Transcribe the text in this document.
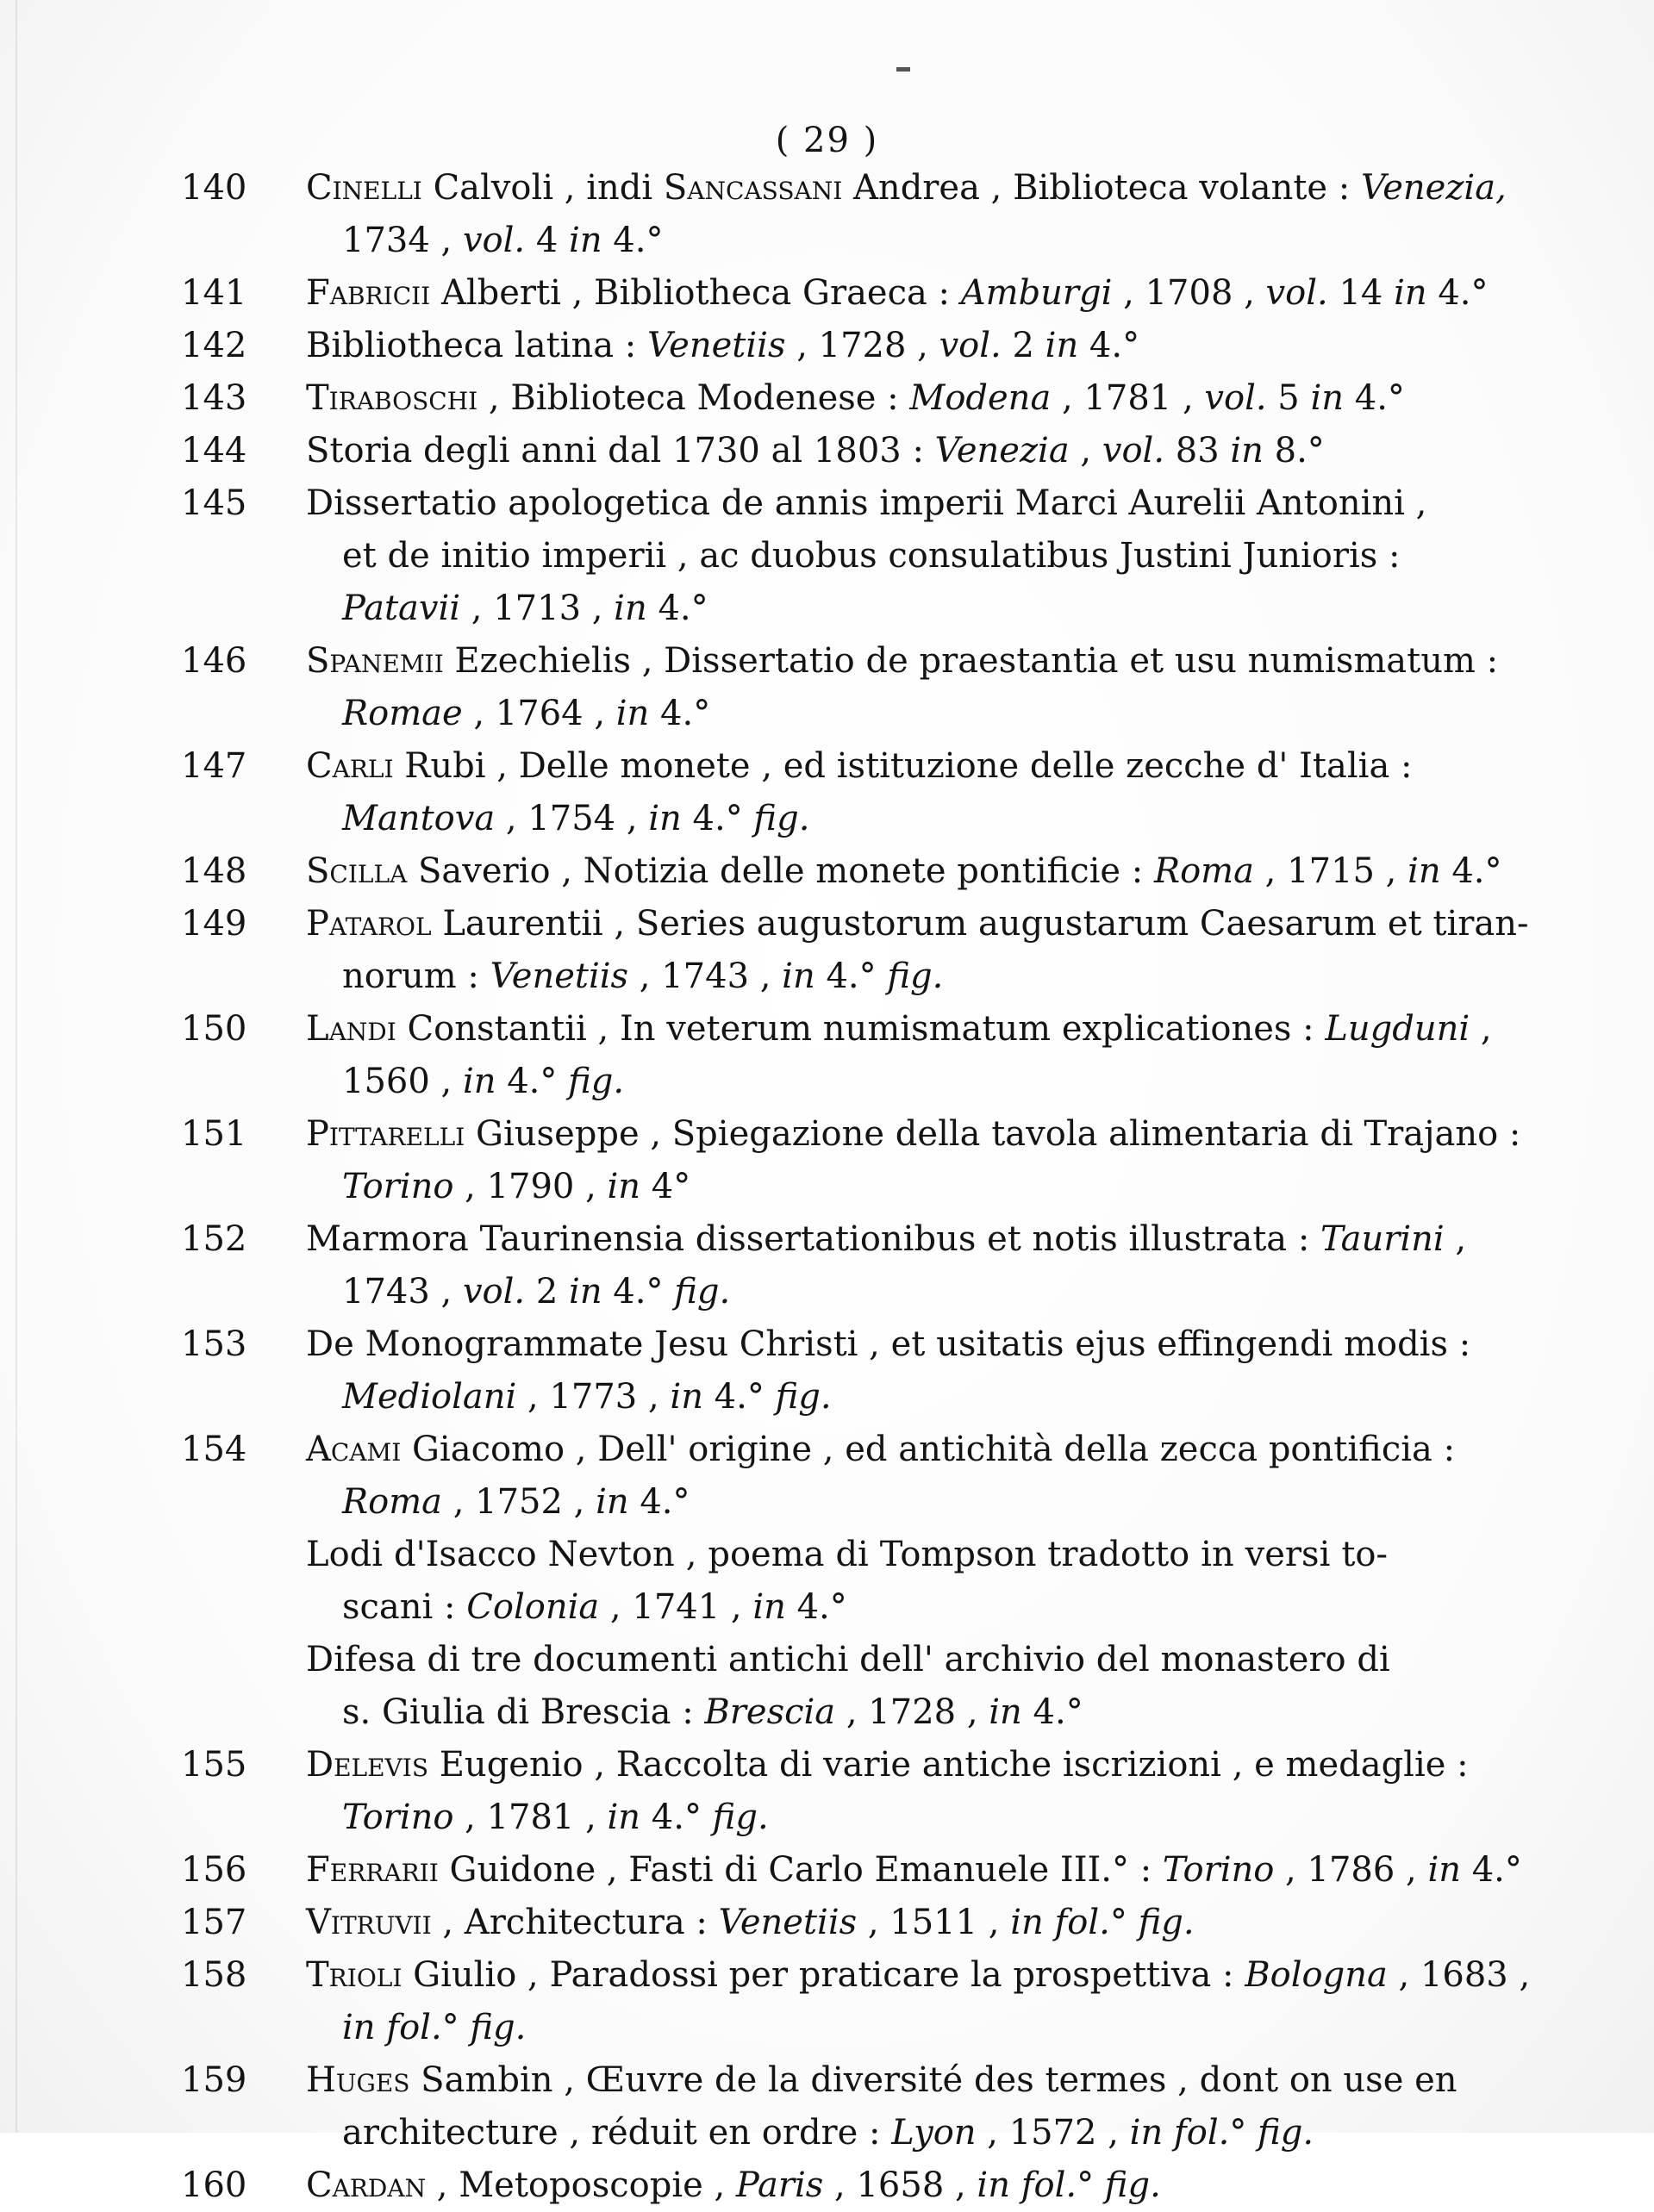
( 29 )
140	Cinelli Calvoli , indi Sancassani Andrea , Biblioteca volante : Venezia,
1734 , vol. 4 in 4.°
141	Fabricii Alberti , Bibliotheca Graeca : Amburgi , 1708 , vol. 14 in 4.°
142	Bibliotheca latina : Venetiis , 1728 , vol. 2 in 4.°
143	Tiraboschi , Biblioteca Modenese : Modena , 1781 , vol. 5 in 4.°
144	Storia degli anni dal 1730 al 1803 : Venezia , vol. 83 in 8.°
145	Dissertatio apologetica de annis imperii Marci Aurelii Antonini ,
et de initio imperii , ac duobus consulatibus Justini Junioris :
Patavii , 1713 , in 4.°
146	Spanemii Ezechielis , Dissertatio de praestantia et usu numismatum :
Romae , 1764 , in 4.°
147	Carli Rubi , Delle monete , ed istituzione delle zecche d' Italia :
Mantova , 1754 , in 4.° fig.
148	Scilla Saverio , Notizia delle monete pontificie : Roma , 1715 , in 4.°
149	Patarol Laurentii , Series augustorum augustarum Caesarum et tiran-
norum : Venetiis , 1743 , in 4.° fig.
150	Landi Constantii , In veterum numismatum explicationes : Lugduni ,
1560 , in 4.° fig.
151	Pittarelli Giuseppe , Spiegazione della tavola alimentaria di Trajano :
Torino , 1790 , in 4°
152	Marmora Taurinensia dissertationibus et notis illustrata : Taurini ,
1743 , vol. 2 in 4.° fig.
153	De Monogrammate Jesu Christi , et usitatis ejus effingendi modis :
Mediolani , 1773 , in 4.° fig.
154	Acami Giacomo , Dell' origine , ed antichità della zecca pontificia :
Roma , 1752 , in 4.°
Lodi d'Isacco Nevton , poema di Tompson tradotto in versi to-
scani : Colonia , 1741 , in 4.°
Difesa di tre documenti antichi dell' archivio del monastero di
s. Giulia di Brescia : Brescia , 1728 , in 4.°
155	Delevis Eugenio , Raccolta di varie antiche iscrizioni , e medaglie :
Torino , 1781 , in 4.° fig.
156	Ferrarii Guidone , Fasti di Carlo Emanuele III.° : Torino , 1786 , in 4.°
157	Vitruvii , Architectura : Venetiis , 1511 , in fol.° fig.
158	Trioli Giulio , Paradossi per praticare la prospettiva : Bologna , 1683 ,
in fol.° fig.
159	Huges Sambin , Œuvre de la diversité des termes , dont on use en
architecture , réduit en ordre : Lyon , 1572 , in fol.° fig.
160	Cardan , Metoposcopie , Paris , 1658 , in fol.° fig.
